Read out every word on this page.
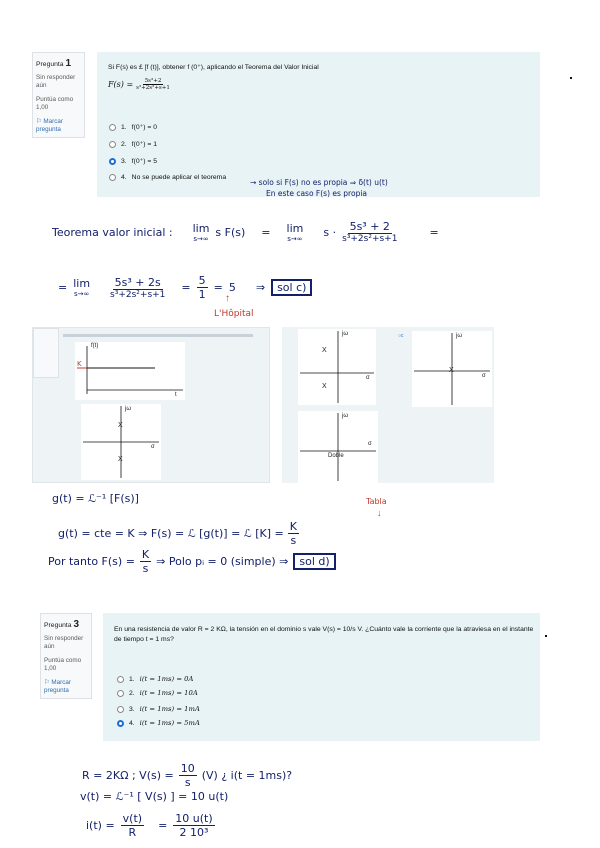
Pregunta 1
Sin responder aún
Puntúa como 1,00
⚐ Marcar pregunta
Si F(s) es £ [f (t)], obtener f (0⁺), aplicando el Teorema del Valor Inicial
$F(s) = \frac{\text{5s³+2}}{\text{s³+2s²+s+1}}$
1. f(0⁺) = 0
2. f(0⁺) = 1
3. f(0⁺) = 5
4. No se puede aplicar el teorema
→ solo si F(s) no es propia ⇒ δ(t) u(t)
En este caso F(s) es propia
Teorema valor inicial : lim
s→∞ s F(s) = lim
s→∞ $s \cdot \frac{\text{5s³ + 2}}{\text{s³+2s²+s+1}}$	=
= lim
$s\to\infty \frac{\text{5s³ + 2s}}{\text{s³+2s²+s+1}} = \frac{5}{1} = 5$ ⇒	sol c)
↑
L'Hôpital
f(t)
t
K
jω
σ
X
X
jω
σ
X
X
○c	jω
σ
X
jω
σ
Doble
g(t) = ℒ⁻¹ [F(s)]	Tabla
↓
g(t) = cte = K ⇒ F(s) = ℒ [g(t)] = ℒ $[K] = \frac{K}{s}$
Por tanto $F(s) = \frac{K}{s}$ ⇒ Polo pᵢ = 0 (simple) ⇒	sol d)
Pregunta 3
Sin responder aún
Puntúa como 1,00
⚐ Marcar pregunta
En una resistencia de valor R = 2 KΩ, la tensión en el dominio s vale V(s) = 10/s V. ¿Cuánto vale la corriente que la atraviesa en el instante de tiempo t = 1 ms?
1. i(t = 1ms) = 0A
2. i(t = 1ms) = 10A
3. i(t = 1ms) = 1mA
4. i(t = 1ms) = 5mA
R = 2KΩ ; $V(s) = \frac{10}{s} (V)$ ¿ i(t = 1ms)?
v(t) = ℒ⁻¹ [ V(s) ] = 10 u(t)
$i(t) = \frac{v(t)}{R} = \frac{10 u(t)}{\text{2 10³}}$
